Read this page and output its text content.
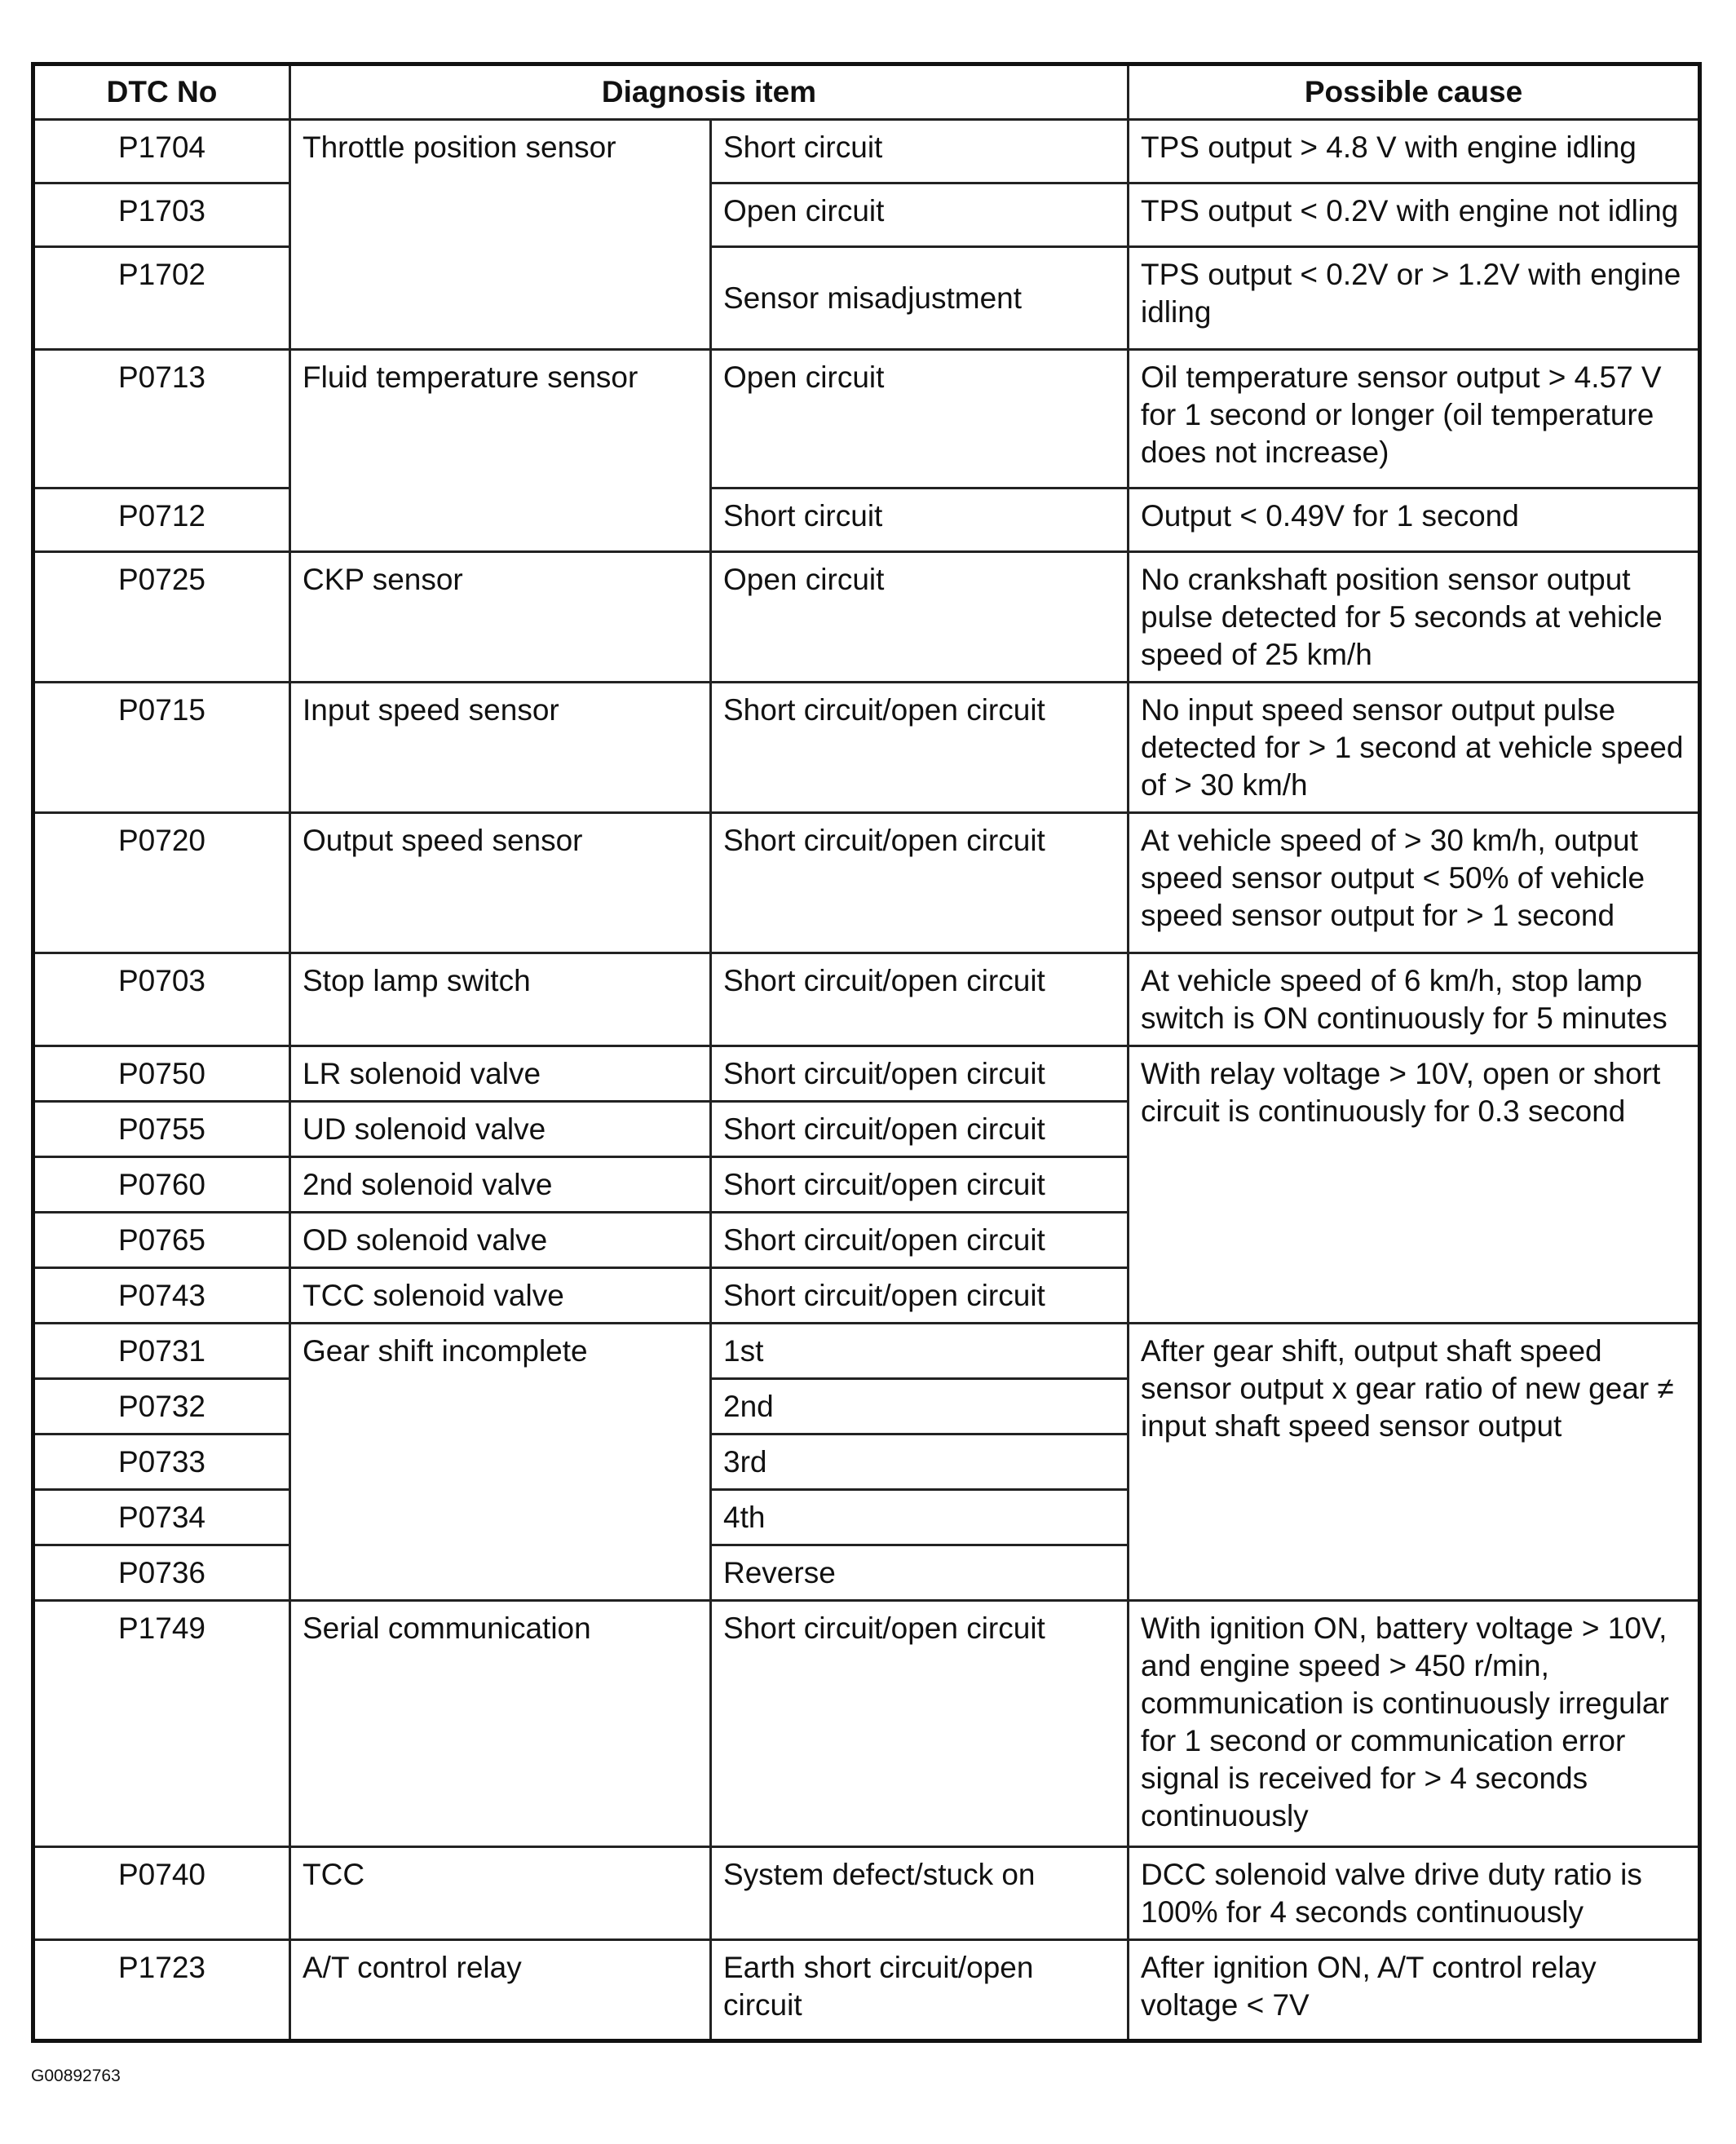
DTC No	Diagnosis item		Possible cause
P1704	Throttle position sensor	Short circuit	TPS output > 4.8 V with engine idling
P1703		Open circuit	TPS output < 0.2V with engine not idling
P1702		Sensor misadjustment	TPS output < 0.2V or > 1.2V with engine idling
P0713	Fluid temperature sensor	Open circuit	Oil temperature sensor output > 4.57 V for 1 second or longer (oil temperature does not increase)
P0712		Short circuit	Output < 0.49V for 1 second
P0725	CKP sensor	Open circuit	No crankshaft position sensor output pulse detected for 5 seconds at vehicle speed of 25 km/h
P0715	Input speed sensor	Short circuit/open circuit	No input speed sensor output pulse detected for > 1 second at vehicle speed of > 30 km/h
P0720	Output speed sensor	Short circuit/open circuit	At vehicle speed of > 30 km/h, output speed sensor output < 50% of vehicle speed sensor output for > 1 second
P0703	Stop lamp switch	Short circuit/open circuit	At vehicle speed of 6 km/h, stop lamp switch is ON continuously for 5 minutes
P0750	LR solenoid valve	Short circuit/open circuit	With relay voltage > 10V, open or short circuit is continuously for 0.3 second
P0755	UD solenoid valve	Short circuit/open circuit	
P0760	2nd solenoid valve	Short circuit/open circuit	
P0765	OD solenoid valve	Short circuit/open circuit	
P0743	TCC solenoid valve	Short circuit/open circuit	
P0731	Gear shift incomplete	1st	After gear shift, output shaft speed sensor output x gear ratio of new gear ≠ input shaft speed sensor output
P0732		2nd	
P0733		3rd	
P0734		4th	
P0736		Reverse	
P1749	Serial communication	Short circuit/open circuit	With ignition ON, battery voltage > 10V, and engine speed > 450 r/min, communication is continuously irregular for 1 second or communication error signal is received for > 4 seconds continuously
P0740	TCC	System defect/stuck on	DCC solenoid valve drive duty ratio is 100% for 4 seconds continuously
P1723	A/T control relay	Earth short circuit/open circuit	After ignition ON, A/T control relay voltage < 7V
G00892763
